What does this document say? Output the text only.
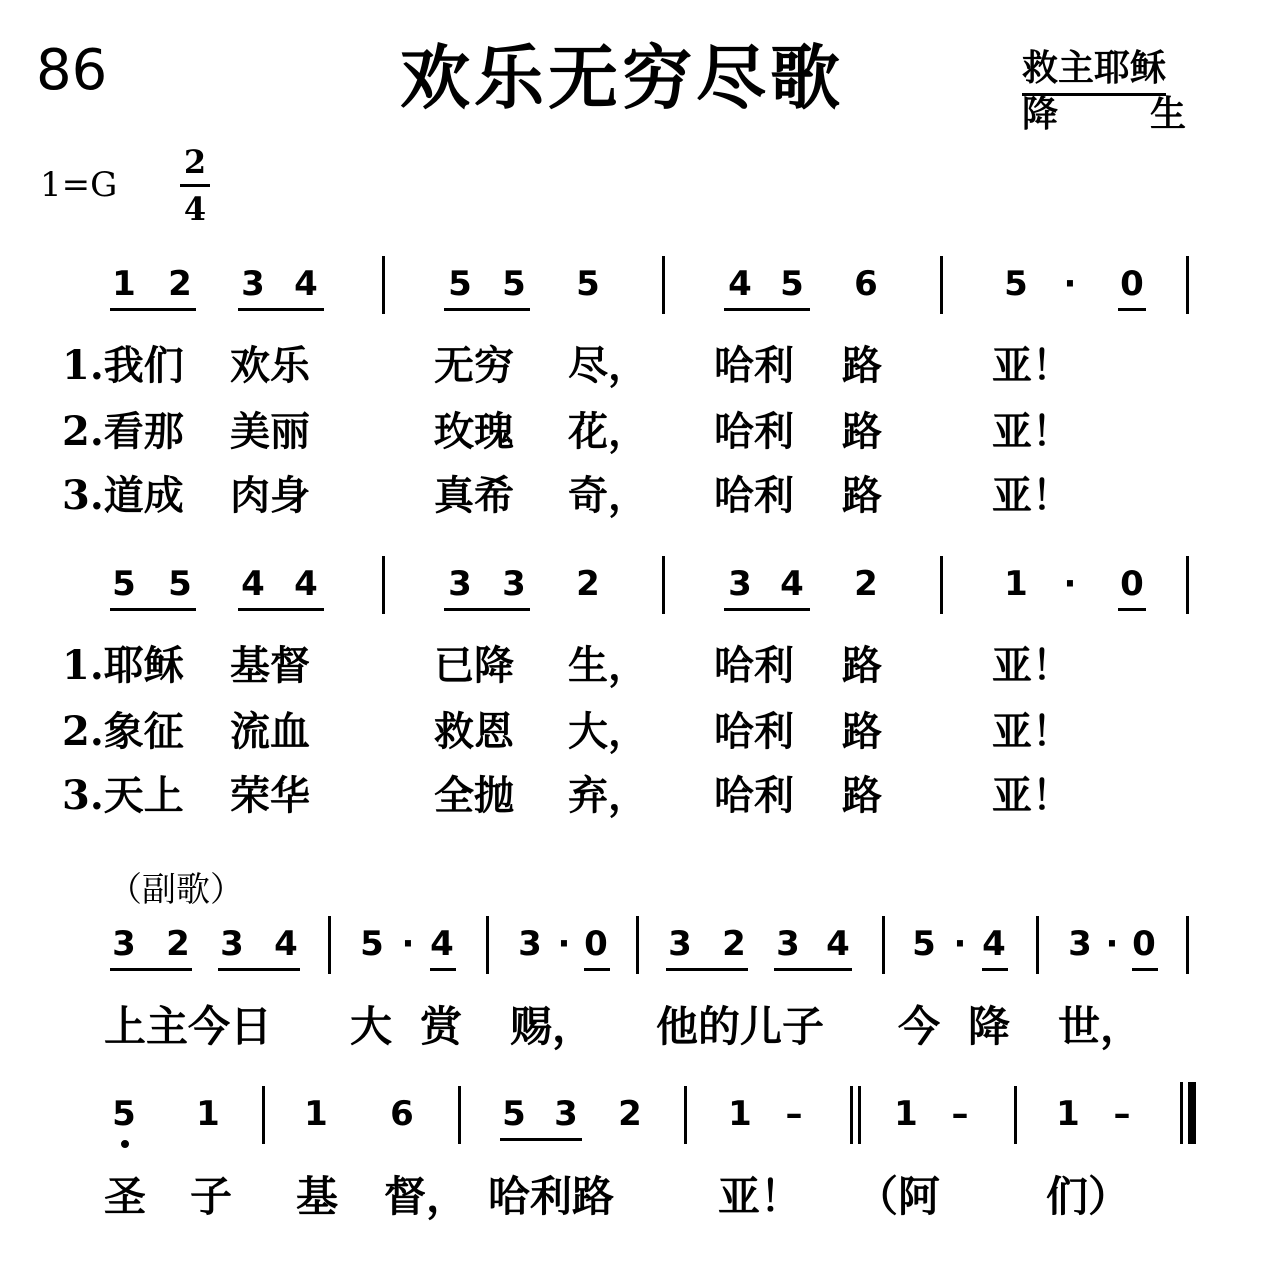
86	欢乐无穷尽歌	救主耶稣
降	生
$1=G \frac{2}{4}$
1 2 3 4	5 5 5	4 5 6	5 · 0
1.我们 欢乐	无穷 尽， 哈利 路	亚！
2.看那 美丽	玫瑰 花， 哈利 路	亚！
3.道成 肉身	真希 奇， 哈利 路	亚！
5 5 4 4	3 3 2	3 4 2	1 · 0
1.耶稣 基督	已降 生， 哈利 路	亚！
2.象征 流血	救恩 大， 哈利 路	亚！
3.天上 荣华	全抛 弃， 哈利 路	亚！
（副歌）
3 2 3 4 5 · 4 3 · 0 3 2 3 4 5 · 4 3 · 0
上主今日 大 赏 赐， 他的儿子 今 降 世，
5 1 1 6	5 3 2	1 –	1 –	1 –
圣 子 基 督， 哈利路 亚！ （阿	们）
